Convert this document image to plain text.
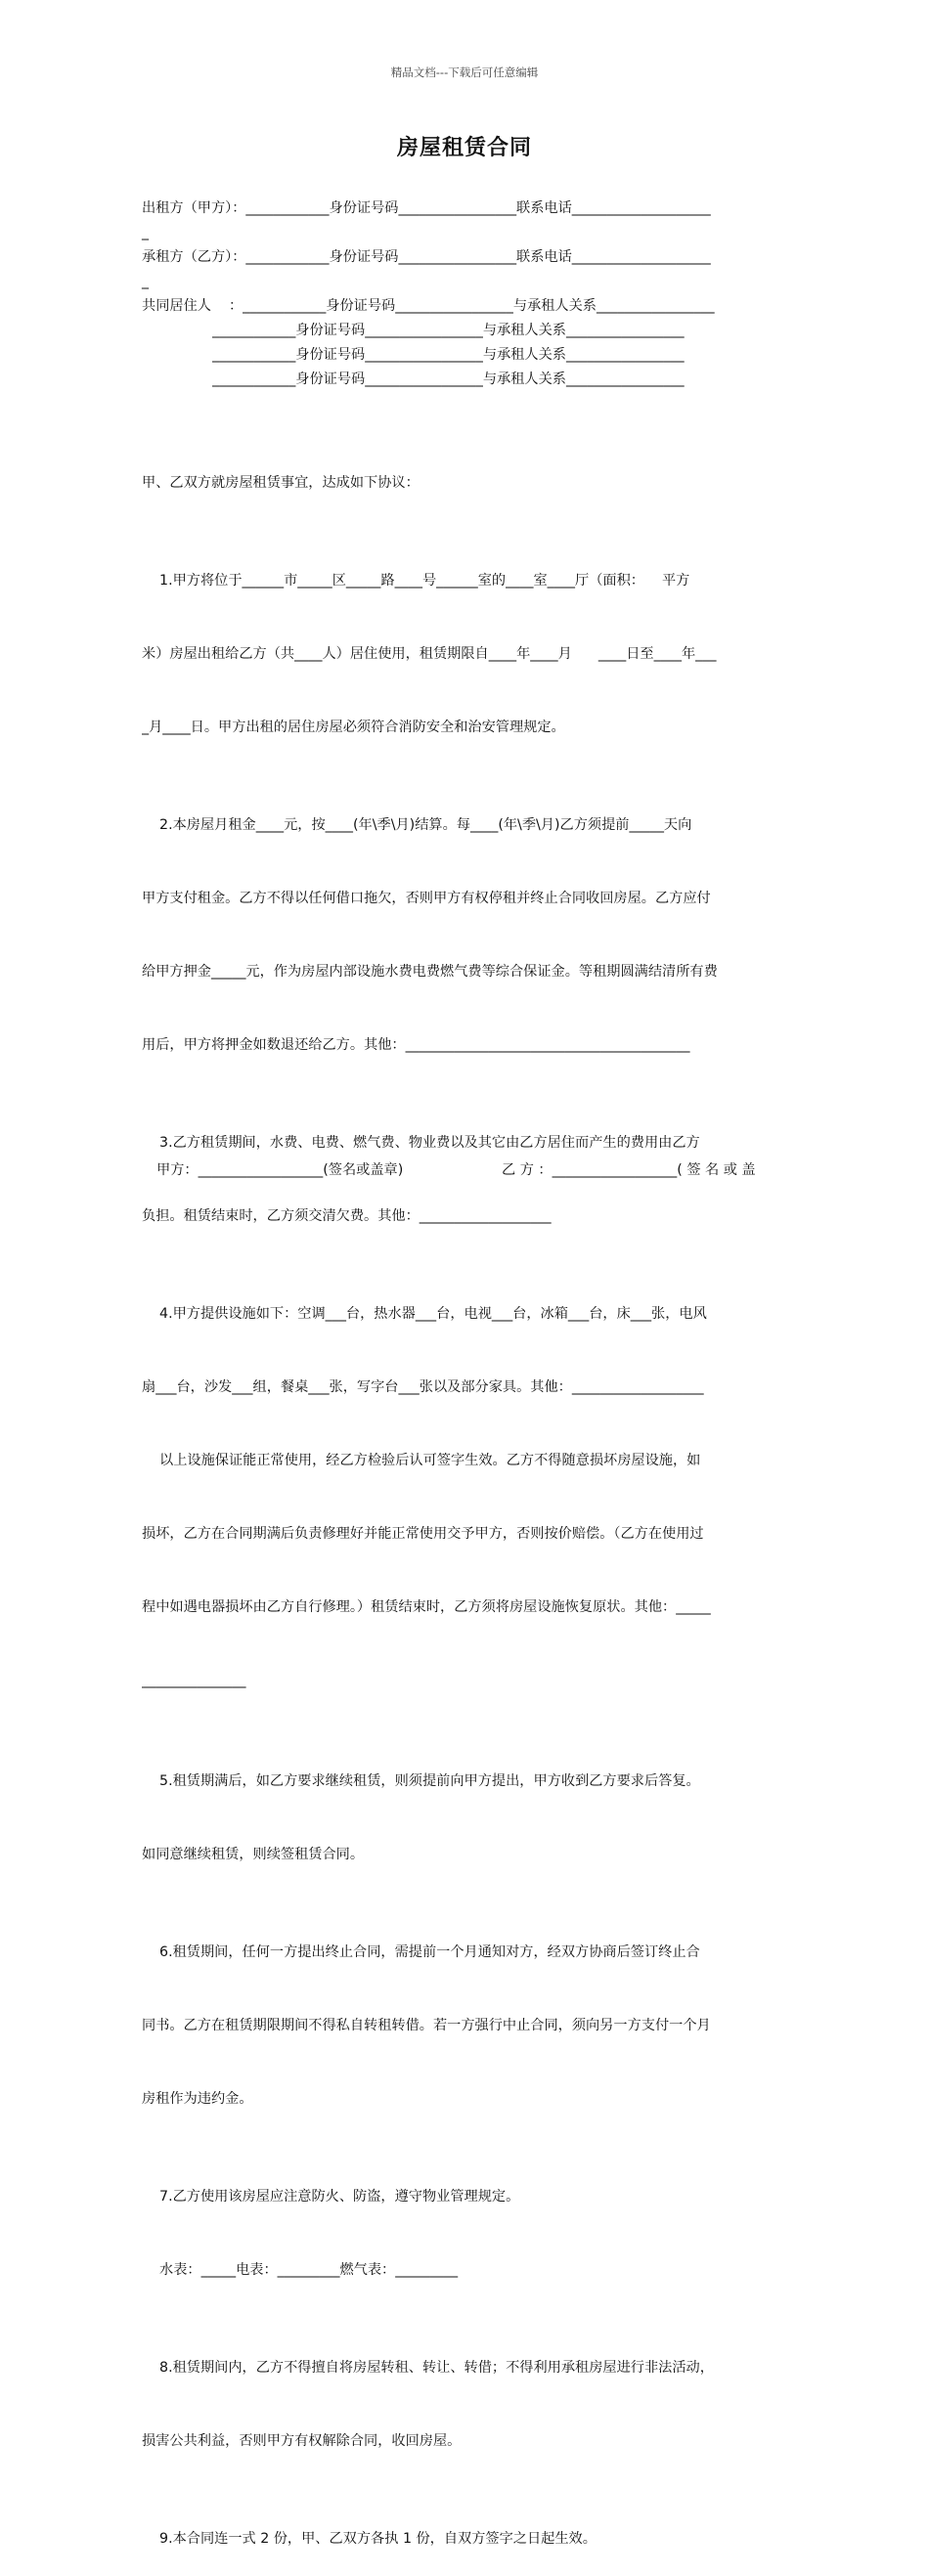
精品文档---下载后可任意编辑
房屋租赁合同
出租方（甲方）：____________身份证号码_________________联系电话____________________
_
承租方（乙方）：____________身份证号码_________________联系电话____________________
_
共同居住人    ：____________身份证号码_________________与承租人关系_________________
____________身份证号码_________________与承租人关系_________________
____________身份证号码_________________与承租人关系_________________
____________身份证号码_________________与承租人关系_________________

甲、乙双方就房屋租赁事宜，达成如下协议：

1.甲方将位于______市_____区_____路____号______室的____室____厅（面积：    平方

米）房屋出租给乙方（共____人）居住使用，租赁期限自____年____月      ____日至____年___

_月____日。甲方出租的居住房屋必须符合消防安全和治安管理规定。

2.本房屋月租金____元，按____(年\季\月)结算。每____(年\季\月)乙方须提前_____天向

甲方支付租金。乙方不得以任何借口拖欠，否则甲方有权停租并终止合同收回房屋。乙方应付

给甲方押金_____元，作为房屋内部设施水费电费燃气费等综合保证金。等租期圆满结清所有费

用后，甲方将押金如数退还给乙方。其他：_________________________________________

3.乙方租赁期间，水费、电费、燃气费、物业费以及其它由乙方居住而产生的费用由乙方

负担。租赁结束时，乙方须交清欠费。其他：___________________

4.甲方提供设施如下：空调___台，热水器___台，电视___台，冰箱___台，床___张，电风

扇___台，沙发___组，餐桌___张，写字台___张以及部分家具。其他：___________________

以上设施保证能正常使用，经乙方检验后认可签字生效。乙方不得随意损坏房屋设施，如

损坏，乙方在合同期满后负责修理好并能正常使用交予甲方，否则按价赔偿。（乙方在使用过

程中如遇电器损坏由乙方自行修理。）租赁结束时，乙方须将房屋设施恢复原状。其他：_____

_______________

5.租赁期满后，如乙方要求继续租赁，则须提前向甲方提出，甲方收到乙方要求后答复。

如同意继续租赁，则续签租赁合同。

6.租赁期间，任何一方提出终止合同，需提前一个月通知对方，经双方协商后签订终止合

同书。乙方在租赁期限期间不得私自转租转借。若一方强行中止合同，须向另一方支付一个月

房租作为违约金。

7.乙方使用该房屋应注意防火、防盗，遵守物业管理规定。

水表：_____电表：_________燃气表：_________

8.租赁期间内，乙方不得擅自将房屋转租、转让、转借；不得利用承租房屋进行非法活动，

损害公共利益，否则甲方有权解除合同，收回房屋。

9.本合同连一式 2 份，甲、乙双方各执 1 份，自双方签字之日起生效。

甲方：__________________(签名或盖章)	乙 方 ：__________________( 签 名 或 盖
